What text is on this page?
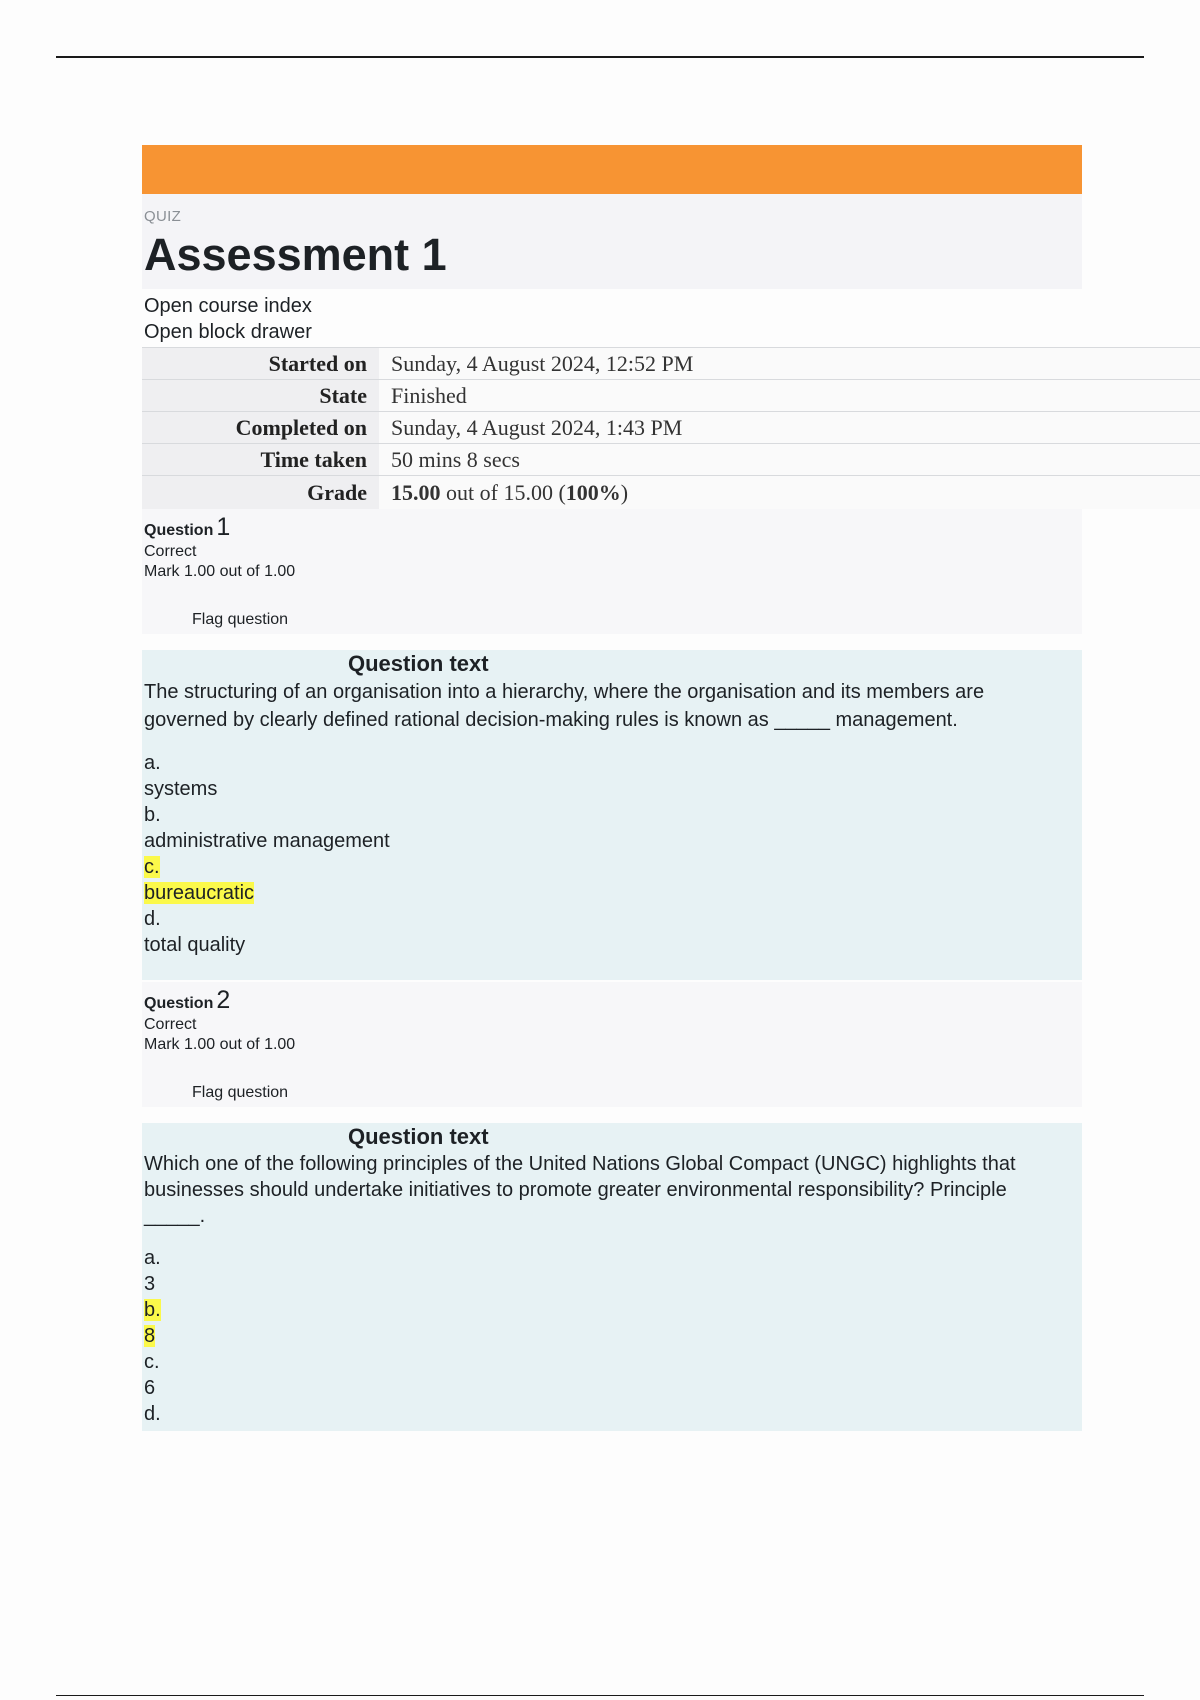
QUIZ
Assessment 1
Open course index
Open block drawer
Started on	Sunday, 4 August 2024, 12:52 PM
State	Finished
Completed on	Sunday, 4 August 2024, 1:43 PM
Time taken	50 mins 8 secs
Grade	15.00 out of 15.00 (100%)
Question 1
Correct
Mark 1.00 out of 1.00
Flag question
Question text

The structuring of an organisation into a hierarchy, where the organisation and its members are governed by clearly defined rational decision-making rules is known as _____ management.

a.
systems
b.
administrative management
c.
bureaucratic
d.
total quality
Question 2
Correct
Mark 1.00 out of 1.00
Flag question
Question text

Which one of the following principles of the United Nations Global Compact (UNGC) highlights that businesses should undertake initiatives to promote greater environmental responsibility? Principle _____.

a.
3
b.
8
c.
6
d.
